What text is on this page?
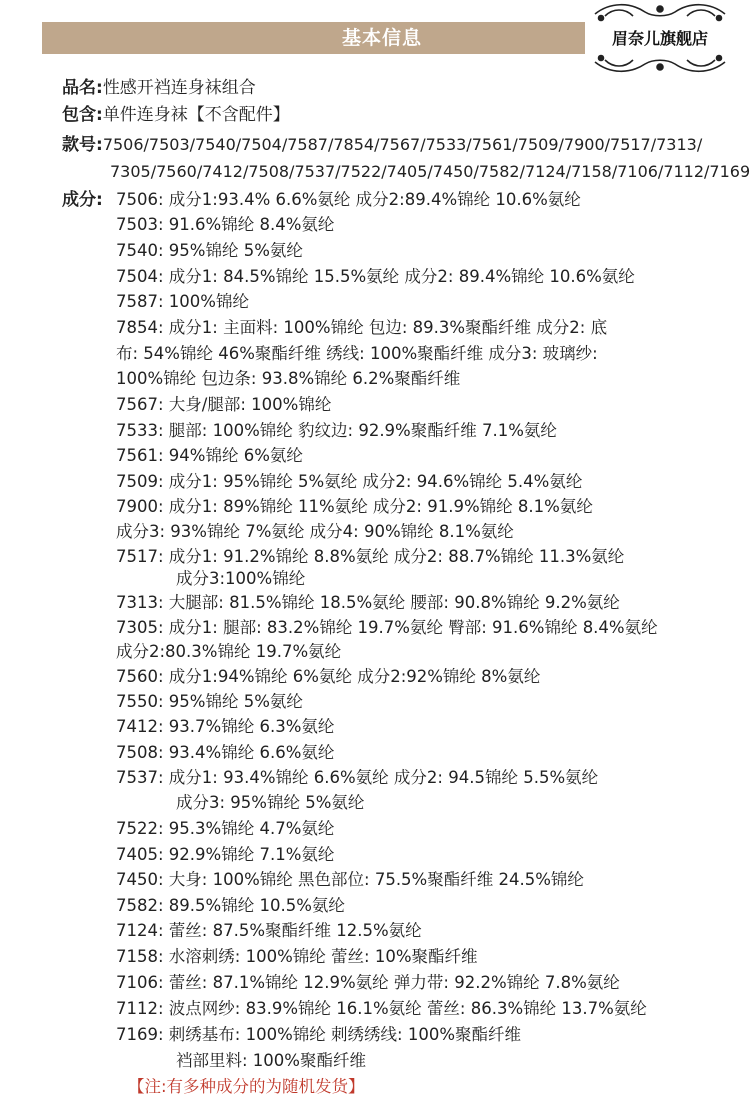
基本信息	眉奈儿旗舰店
品名:性感开裆连身袜组合
包含:单件连身袜【不含配件】
款号:7506/7503/7540/7504/7587/7854/7567/7533/7561/7509/7900/7517/7313/
7305/7560/7412/7508/7537/7522/7405/7450/7582/7124/7158/7106/7112/7169
成分: 7506: 成分1:93.4% 6.6%氨纶 成分2:89.4%锦纶 10.6%氨纶
7503: 91.6%锦纶 8.4%氨纶
7540: 95%锦纶 5%氨纶
7504: 成分1: 84.5%锦纶 15.5%氨纶 成分2: 89.4%锦纶 10.6%氨纶
7587: 100%锦纶
7854: 成分1: 主面料: 100%锦纶 包边: 89.3%聚酯纤维 成分2: 底
布: 54%锦纶 46%聚酯纤维 绣线: 100%聚酯纤维 成分3: 玻璃纱:
100%锦纶 包边条: 93.8%锦纶 6.2%聚酯纤维
7567: 大身/腿部: 100%锦纶
7533: 腿部: 100%锦纶 豹纹边: 92.9%聚酯纤维 7.1%氨纶
7561: 94%锦纶 6%氨纶
7509: 成分1: 95%锦纶 5%氨纶 成分2: 94.6%锦纶 5.4%氨纶
7900: 成分1: 89%锦纶 11%氨纶 成分2: 91.9%锦纶 8.1%氨纶
成分3: 93%锦纶 7%氨纶 成分4: 90%锦纶 8.1%氨纶
7517: 成分1: 91.2%锦纶 8.8%氨纶 成分2: 88.7%锦纶 11.3%氨纶
成分3:100%锦纶
7313: 大腿部: 81.5%锦纶 18.5%氨纶 腰部: 90.8%锦纶 9.2%氨纶
7305: 成分1: 腿部: 83.2%锦纶 19.7%氨纶 臀部: 91.6%锦纶 8.4%氨纶
成分2:80.3%锦纶 19.7%氨纶
7560: 成分1:94%锦纶 6%氨纶 成分2:92%锦纶 8%氨纶
7550: 95%锦纶 5%氨纶
7412: 93.7%锦纶 6.3%氨纶
7508: 93.4%锦纶 6.6%氨纶
7537: 成分1: 93.4%锦纶 6.6%氨纶 成分2: 94.5锦纶 5.5%氨纶
成分3: 95%锦纶 5%氨纶
7522: 95.3%锦纶 4.7%氨纶
7405: 92.9%锦纶 7.1%氨纶
7450: 大身: 100%锦纶 黑色部位: 75.5%聚酯纤维 24.5%锦纶
7582: 89.5%锦纶 10.5%氨纶
7124: 蕾丝: 87.5%聚酯纤维 12.5%氨纶
7158: 水溶刺绣: 100%锦纶 蕾丝: 10%聚酯纤维
7106: 蕾丝: 87.1%锦纶 12.9%氨纶 弹力带: 92.2%锦纶 7.8%氨纶
7112: 波点网纱: 83.9%锦纶 16.1%氨纶 蕾丝: 86.3%锦纶 13.7%氨纶
7169: 刺绣基布: 100%锦纶 刺绣绣线: 100%聚酯纤维
裆部里料: 100%聚酯纤维
【注:有多种成分的为随机发货】
